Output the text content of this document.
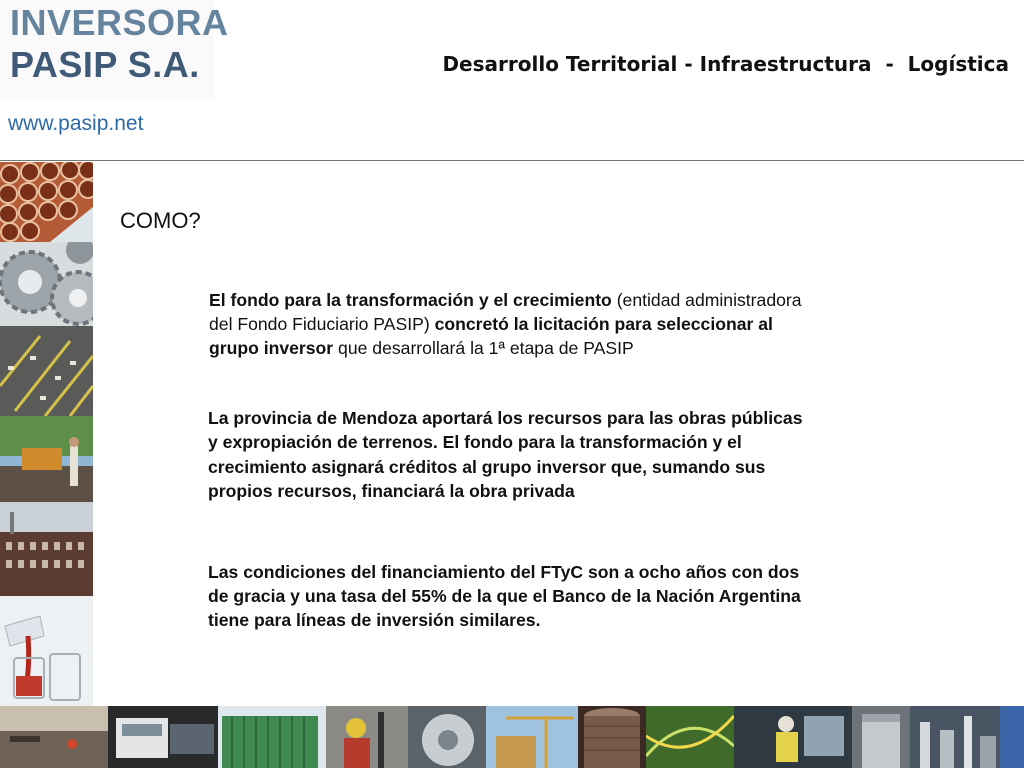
INVERSORA
PASIP S.A.	Desarrollo Territorial - Infraestructura  -  Logística
www.pasip.net
COMO?
El fondo para la transformación y el crecimiento (entidad administradora del Fondo Fiduciario PASIP) concretó la licitación para seleccionar al grupo inversor que desarrollará la 1ª etapa de PASIP
La provincia de Mendoza aportará los recursos para las obras públicas y expropiación de terrenos. El fondo para la transformación y el crecimiento asignará créditos al grupo inversor que, sumando sus propios recursos, financiará la obra privada
Las condiciones del financiamiento del FTyC son a ocho años con dos de gracia y una tasa del 55% de la que el Banco de la Nación Argentina tiene para líneas de inversión similares.
